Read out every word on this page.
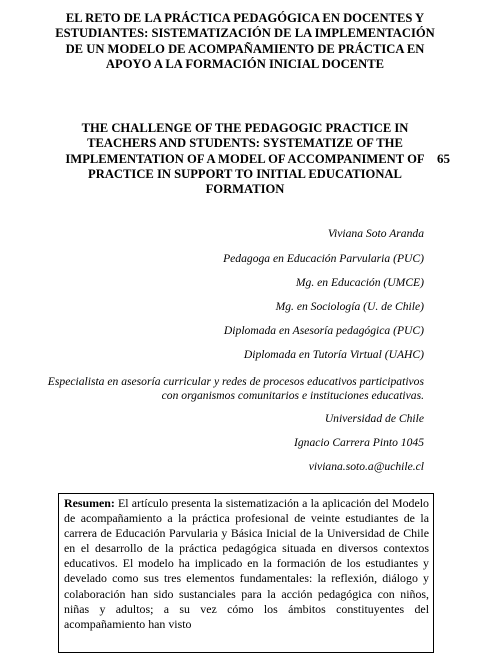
EL RETO DE LA PRÁCTICA PEDAGÓGICA EN DOCENTES Y ESTUDIANTES: SISTEMATIZACIÓN DE LA IMPLEMENTACIÓN DE UN MODELO DE ACOMPAÑAMIENTO DE PRÁCTICA EN APOYO A LA FORMACIÓN INICIAL DOCENTE
THE CHALLENGE OF THE PEDAGOGIC PRACTICE IN TEACHERS AND STUDENTS: SYSTEMATIZE OF THE IMPLEMENTATION OF A MODEL OF ACCOMPANIMENT OF PRACTICE IN SUPPORT TO INITIAL EDUCATIONAL FORMATION
65
Viviana Soto Aranda
Pedagoga en Educación Parvularia (PUC)
Mg. en Educación (UMCE)
Mg. en Sociología (U. de Chile)
Diplomada en Asesoría pedagógica (PUC)
Diplomada en Tutoría Virtual (UAHC)
Especialista en asesoría curricular y redes de procesos educativos participativos con organismos comunitarios e instituciones educativas.
Universidad de Chile
Ignacio Carrera Pinto 1045
viviana.soto.a@uchile.cl
Resumen: El artículo presenta la sistematización a la aplicación del Modelo de acompañamiento a la práctica profesional de veinte estudiantes de la carrera de Educación Parvularia y Básica Inicial de la Universidad de Chile en el desarrollo de la práctica pedagógica situada en diversos contextos educativos. El modelo ha implicado en la formación de los estudiantes y develado como sus tres elementos fundamentales: la reflexión, diálogo y colaboración han sido sustanciales para la acción pedagógica con niños, niñas y adultos; a su vez cómo los ámbitos constituyentes del acompañamiento han visto
